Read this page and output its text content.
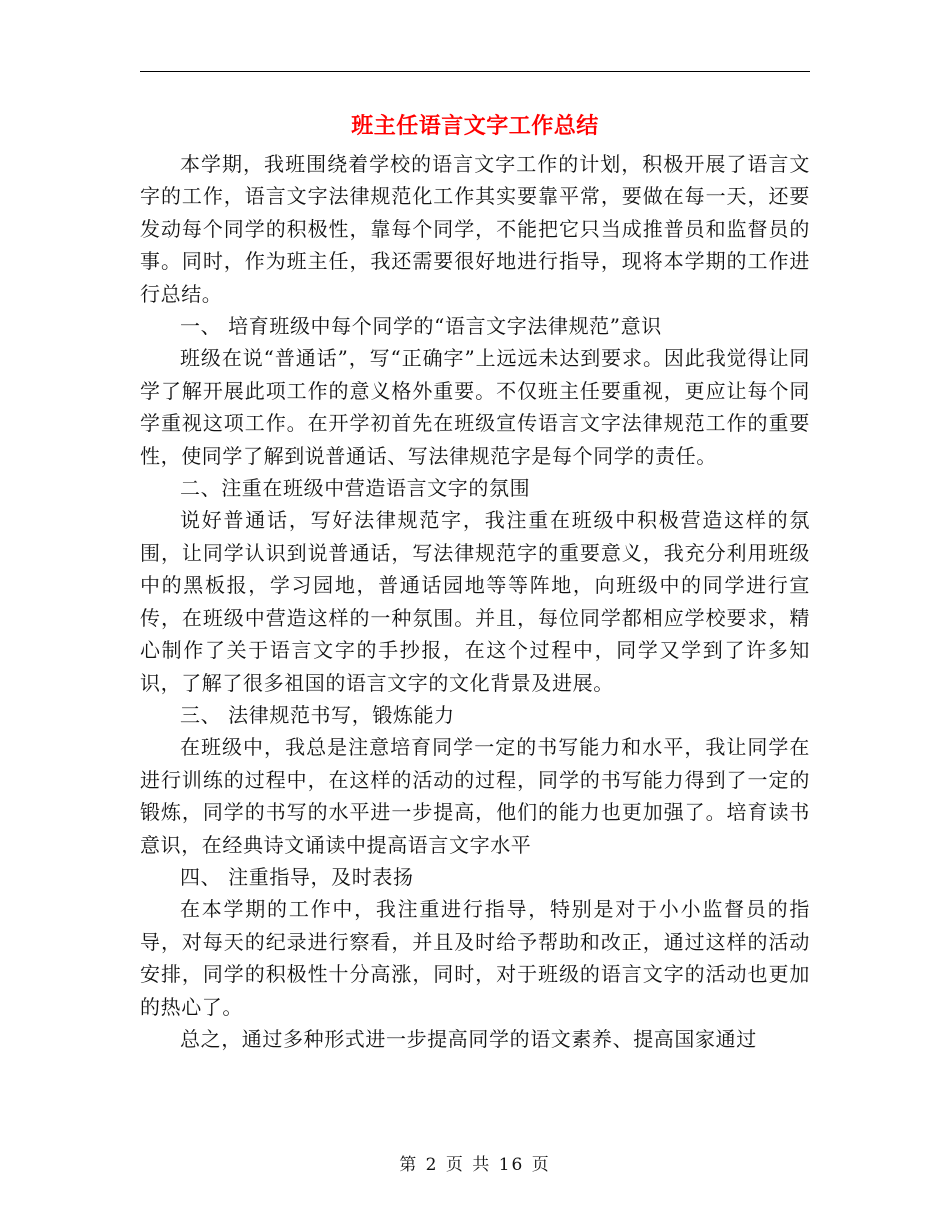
班主任语言文字工作总结

本学期，我班围绕着学校的语言文字工作的计划，积极开展了语言文字的工作，语言文字法律规范化工作其实要靠平常，要做在每一天，还要发动每个同学的积极性，靠每个同学，不能把它只当成推普员和监督员的事。同时，作为班主任，我还需要很好地进行指导，现将本学期的工作进行总结。

一、 培育班级中每个同学的“语言文字法律规范”意识

班级在说“普通话”，写“正确字”上远远未达到要求。因此我觉得让同学了解开展此项工作的意义格外重要。不仅班主任要重视，更应让每个同学重视这项工作。在开学初首先在班级宣传语言文字法律规范工作的重要性，使同学了解到说普通话、写法律规范字是每个同学的责任。

二、注重在班级中营造语言文字的氛围

说好普通话，写好法律规范字，我注重在班级中积极营造这样的氛围，让同学认识到说普通话，写法律规范字的重要意义，我充分利用班级中的黑板报，学习园地，普通话园地等等阵地，向班级中的同学进行宣传，在班级中营造这样的一种氛围。并且，每位同学都相应学校要求，精心制作了关于语言文字的手抄报，在这个过程中，同学又学到了许多知识，了解了很多祖国的语言文字的文化背景及进展。

三、 法律规范书写，锻炼能力

在班级中，我总是注意培育同学一定的书写能力和水平，我让同学在进行训练的过程中，在这样的活动的过程，同学的书写能力得到了一定的锻炼，同学的书写的水平进一步提高，他们的能力也更加强了。培育读书意识，在经典诗文诵读中提高语言文字水平

四、 注重指导，及时表扬

在本学期的工作中，我注重进行指导，特别是对于小小监督员的指导，对每天的纪录进行察看，并且及时给予帮助和改正，通过这样的活动安排，同学的积极性十分高涨，同时，对于班级的语言文字的活动也更加的热心了。

总之，通过多种形式进一步提高同学的语文素养、提高国家通过

第 2 页 共 16 页
